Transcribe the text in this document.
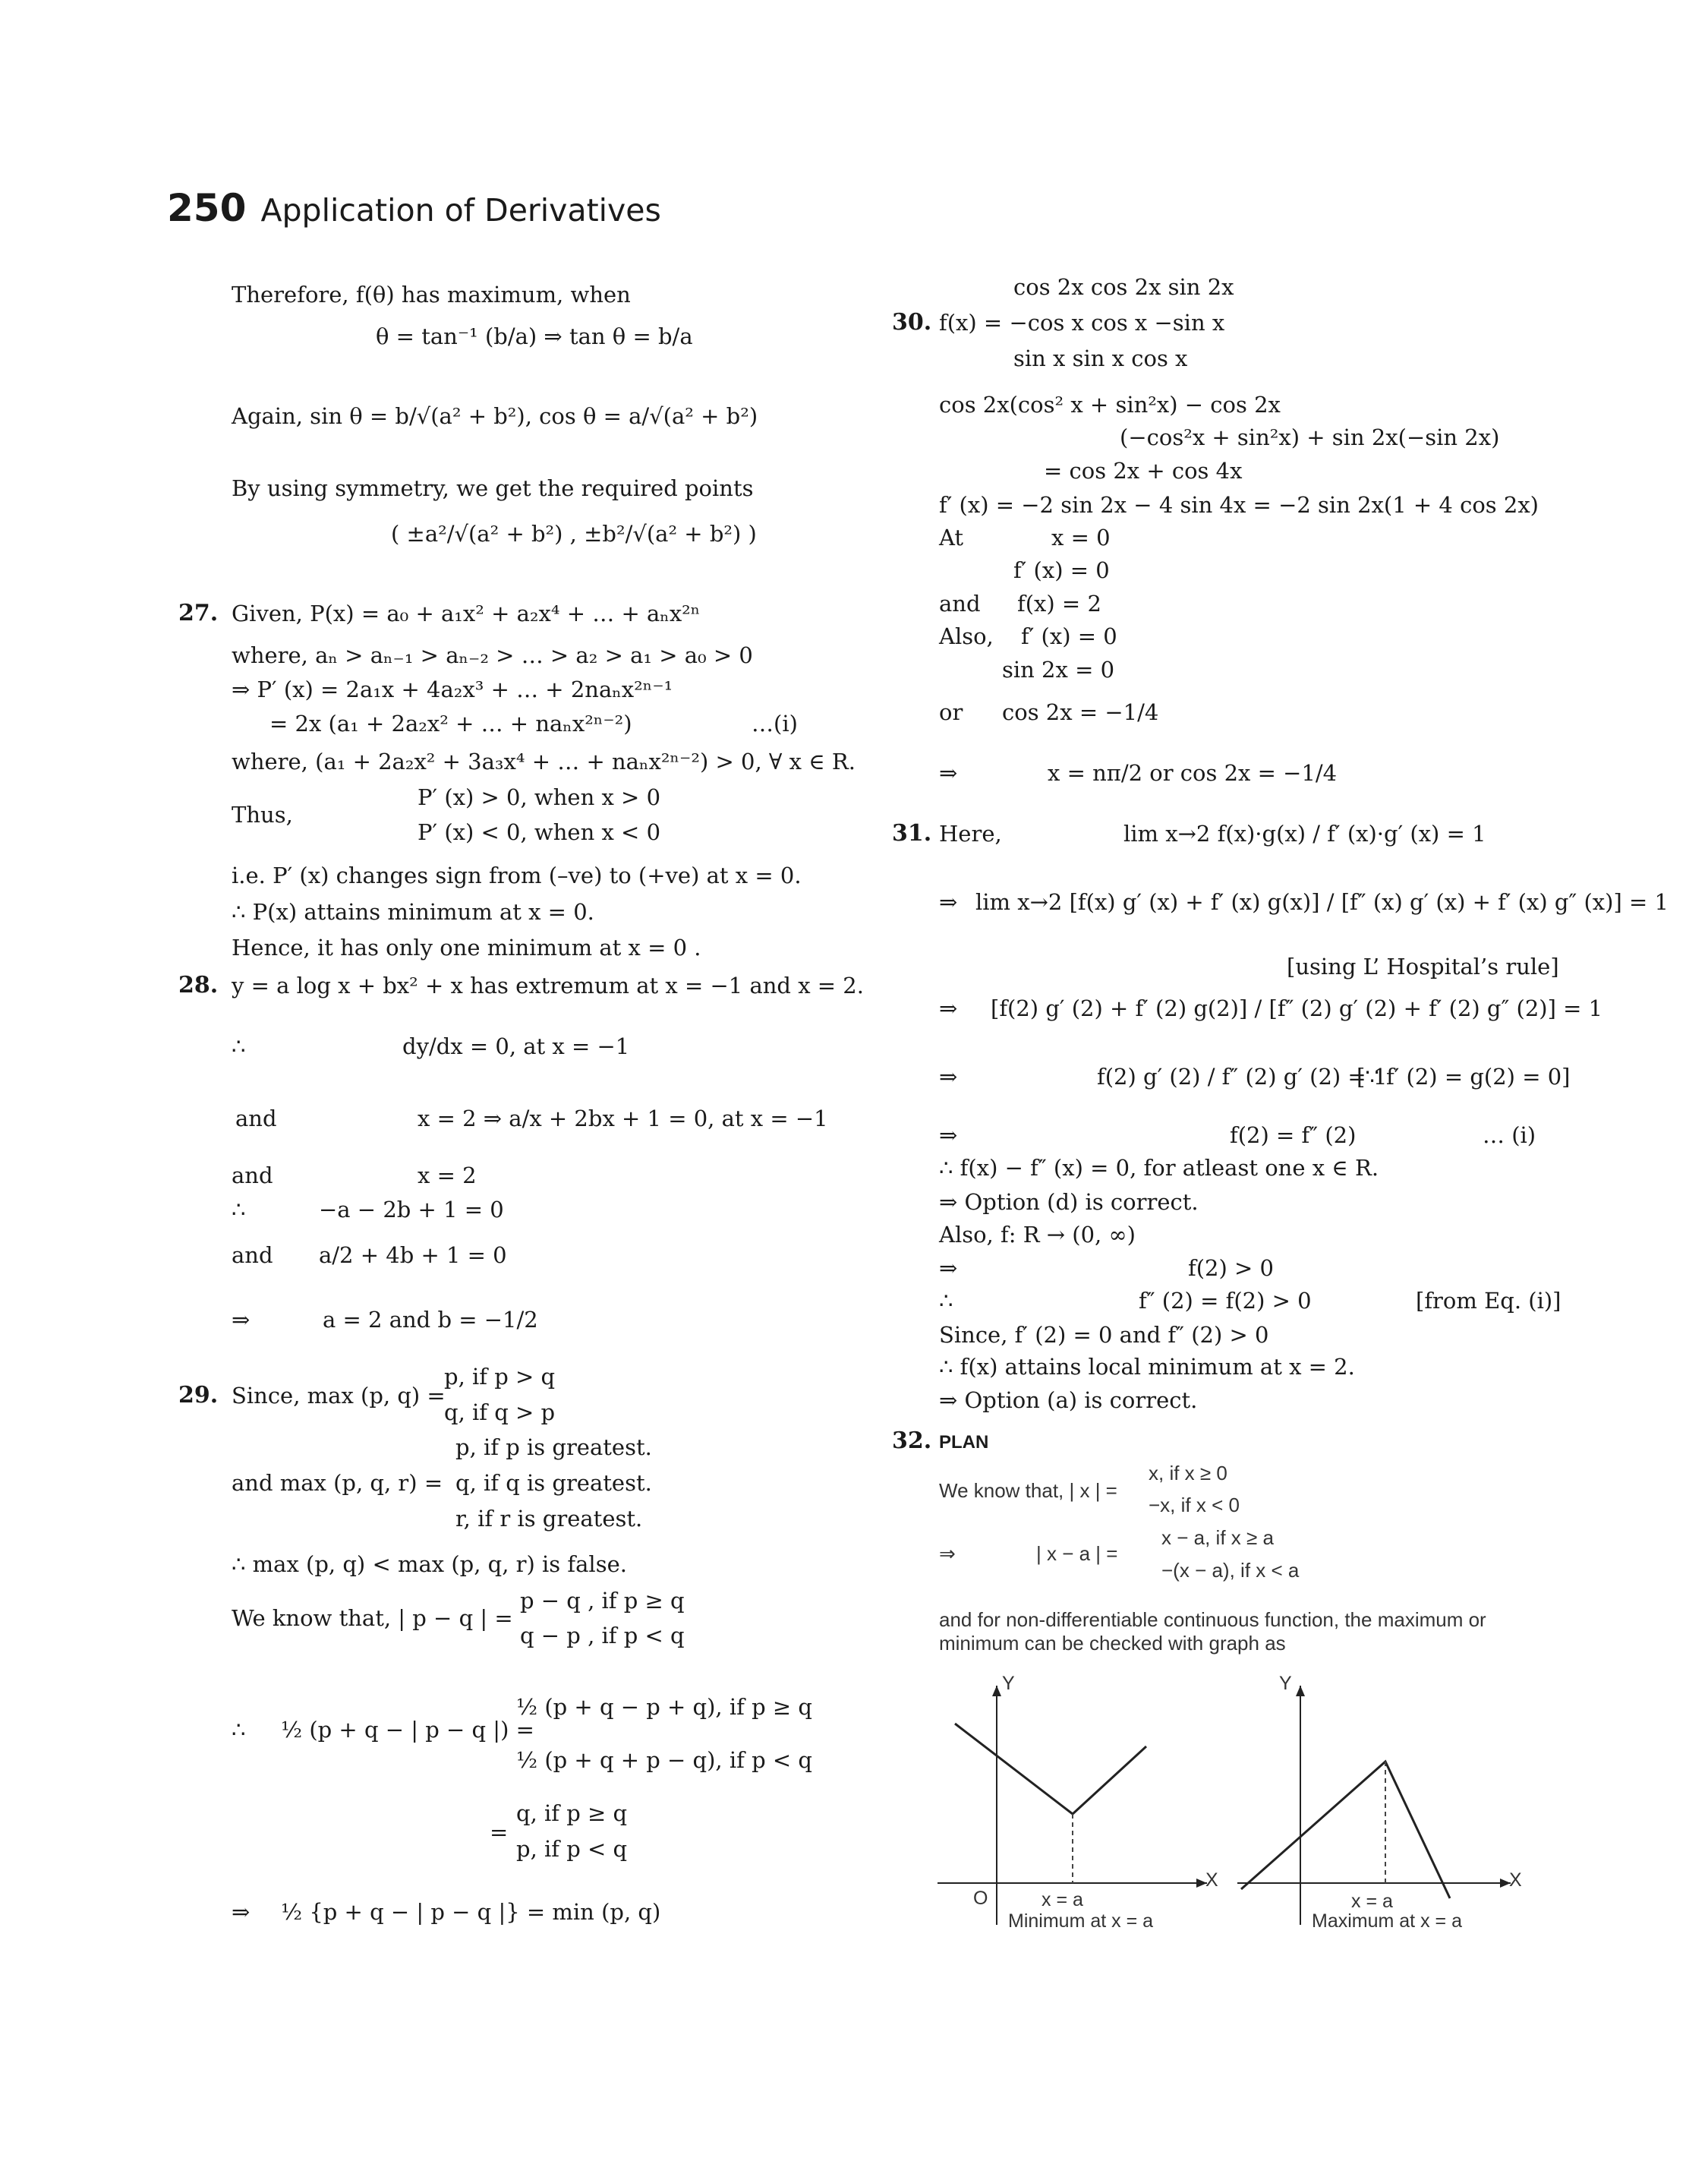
250 Application of Derivatives
Therefore, f(θ) has maximum, when
θ = tan⁻¹ (b/a) ⇒ tan θ = b/a
Again, sin θ = b/√(a² + b²), cos θ = a/√(a² + b²)
By using symmetry, we get the required points
( ±a²/√(a² + b²) , ±b²/√(a² + b²) )
27. Given, P(x) = a₀ + a₁x² + a₂x⁴ + … + aₙx²ⁿ
where, aₙ > aₙ₋₁ > aₙ₋₂ > … > a₂ > a₁ > a₀ > 0
⇒ P′ (x) = 2a₁x + 4a₂x³ + … + 2naₙx²ⁿ⁻¹
= 2x (a₁ + 2a₂x² + … + naₙx²ⁿ⁻²)	…(i)
where, (a₁ + 2a₂x² + 3a₃x⁴ + … + naₙx²ⁿ⁻²) > 0, ∀ x ∈ R.
Thus,
P′ (x) > 0, when x > 0
P′ (x) < 0, when x < 0
i.e. P′ (x) changes sign from (–ve) to (+ve) at x = 0.
∴ P(x) attains minimum at x = 0.
Hence, it has only one minimum at x = 0 .
28. y = a log x + bx² + x has extremum at x = −1 and x = 2.
∴	dy/dx = 0, at x = −1
and	x = 2 ⇒ a/x + 2bx + 1 = 0, at x = −1
and	x = 2
∴	−a − 2b + 1 = 0
and a/2 + 4b + 1 = 0
⇒	a = 2 and b = −1/2
29. Since, max (p, q) =
p, if p > q
q, if q > p
and max (p, q, r) =
p, if p is greatest.
q, if q is greatest.
r, if r is greatest.
∴ max (p, q) < max (p, q, r) is false.
We know that, | p − q | =
p − q , if p ≥ q
q − p , if p < q
∴ ½ (p + q − | p − q |) =
½ (p + q − p + q), if p ≥ q
½ (p + q + p − q), if p < q
=
q, if p ≥ q
p, if p < q
⇒ ½ {p + q − | p − q |} = min (p, q)
cos 2x cos 2x sin 2x
30. f(x) = −cos x cos x −sin x
sin x sin x cos x
cos 2x(cos² x + sin²x) − cos 2x
(−cos²x + sin²x) + sin 2x(−sin 2x)
= cos 2x + cos 4x
f′ (x) = −2 sin 2x − 4 sin 4x = −2 sin 2x(1 + 4 cos 2x)
At	x = 0
f′ (x) = 0
and f(x) = 2
Also, f′ (x) = 0
sin 2x = 0
or cos 2x = −1/4
⇒	x = nπ/2 or cos 2x = −1/4
31. Here,	lim x→2 f(x)·g(x) / f′ (x)·g′ (x) = 1
⇒ lim x→2 [f(x) g′ (x) + f′ (x) g(x)] / [f″ (x) g′ (x) + f′ (x) g″ (x)] = 1
[using L’ Hospital’s rule]
⇒ [f(2) g′ (2) + f′ (2) g(2)] / [f″ (2) g′ (2) + f′ (2) g″ (2)] = 1
⇒	f(2) g′ (2) / f″ (2) g′ (2) = 1
[∵ f′ (2) = g(2) = 0]
⇒	f(2) = f″ (2)	… (i)
∴ f(x) − f″ (x) = 0, for atleast one x ∈ R.
⇒ Option (d) is correct.
Also, f: R → (0, ∞)
⇒	f(2) > 0
∴	f″ (2) = f(2) > 0	[from Eq. (i)]
Since, f′ (2) = 0 and f″ (2) > 0
∴ f(x) attains local minimum at x = 2.
⇒ Option (a) is correct.
32. PLAN
We know that, | x | =
x, if x ≥ 0
−x, if x < 0
⇒	| x − a | =
x − a, if x ≥ a
−(x − a), if x < a
and for non-differentiable continuous function, the maximum or
minimum can be checked with graph as
Y
X
O	x = a
Minimum at x = a
Y
X
x = a
Maximum at x = a
